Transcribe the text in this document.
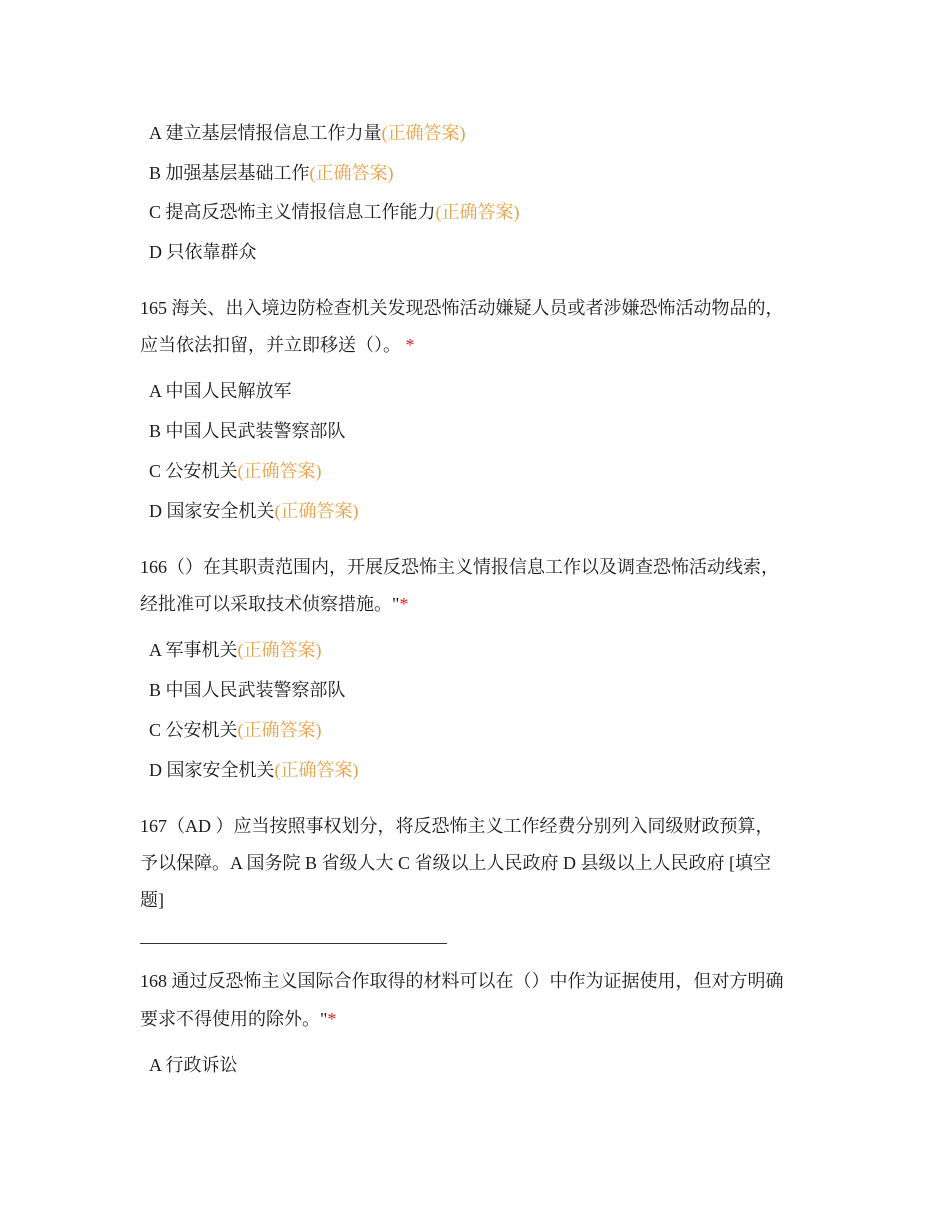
A 建立基层情报信息工作力量(正确答案)
B 加强基层基础工作(正确答案)
C 提高反恐怖主义情报信息工作能力(正确答案)
D 只依靠群众
165 海关、出入境边防检查机关发现恐怖活动嫌疑人员或者涉嫌恐怖活动物品的，
应当依法扣留，并立即移送（）。 *
A 中国人民解放军
B 中国人民武装警察部队
C 公安机关(正确答案)
D 国家安全机关(正确答案)
166（）在其职责范围内，开展反恐怖主义情报信息工作以及调查恐怖活动线索，
经批准可以采取技术侦察措施。"*
A 军事机关(正确答案)
B 中国人民武装警察部队
C 公安机关(正确答案)
D 国家安全机关(正确答案)
167（AD ）应当按照事权划分，将反恐怖主义工作经费分别列入同级财政预算，
予以保障。A 国务院 B 省级人大 C 省级以上人民政府 D 县级以上人民政府 [填空
题]
168 通过反恐怖主义国际合作取得的材料可以在（）中作为证据使用，但对方明确
要求不得使用的除外。"*
A 行政诉讼
